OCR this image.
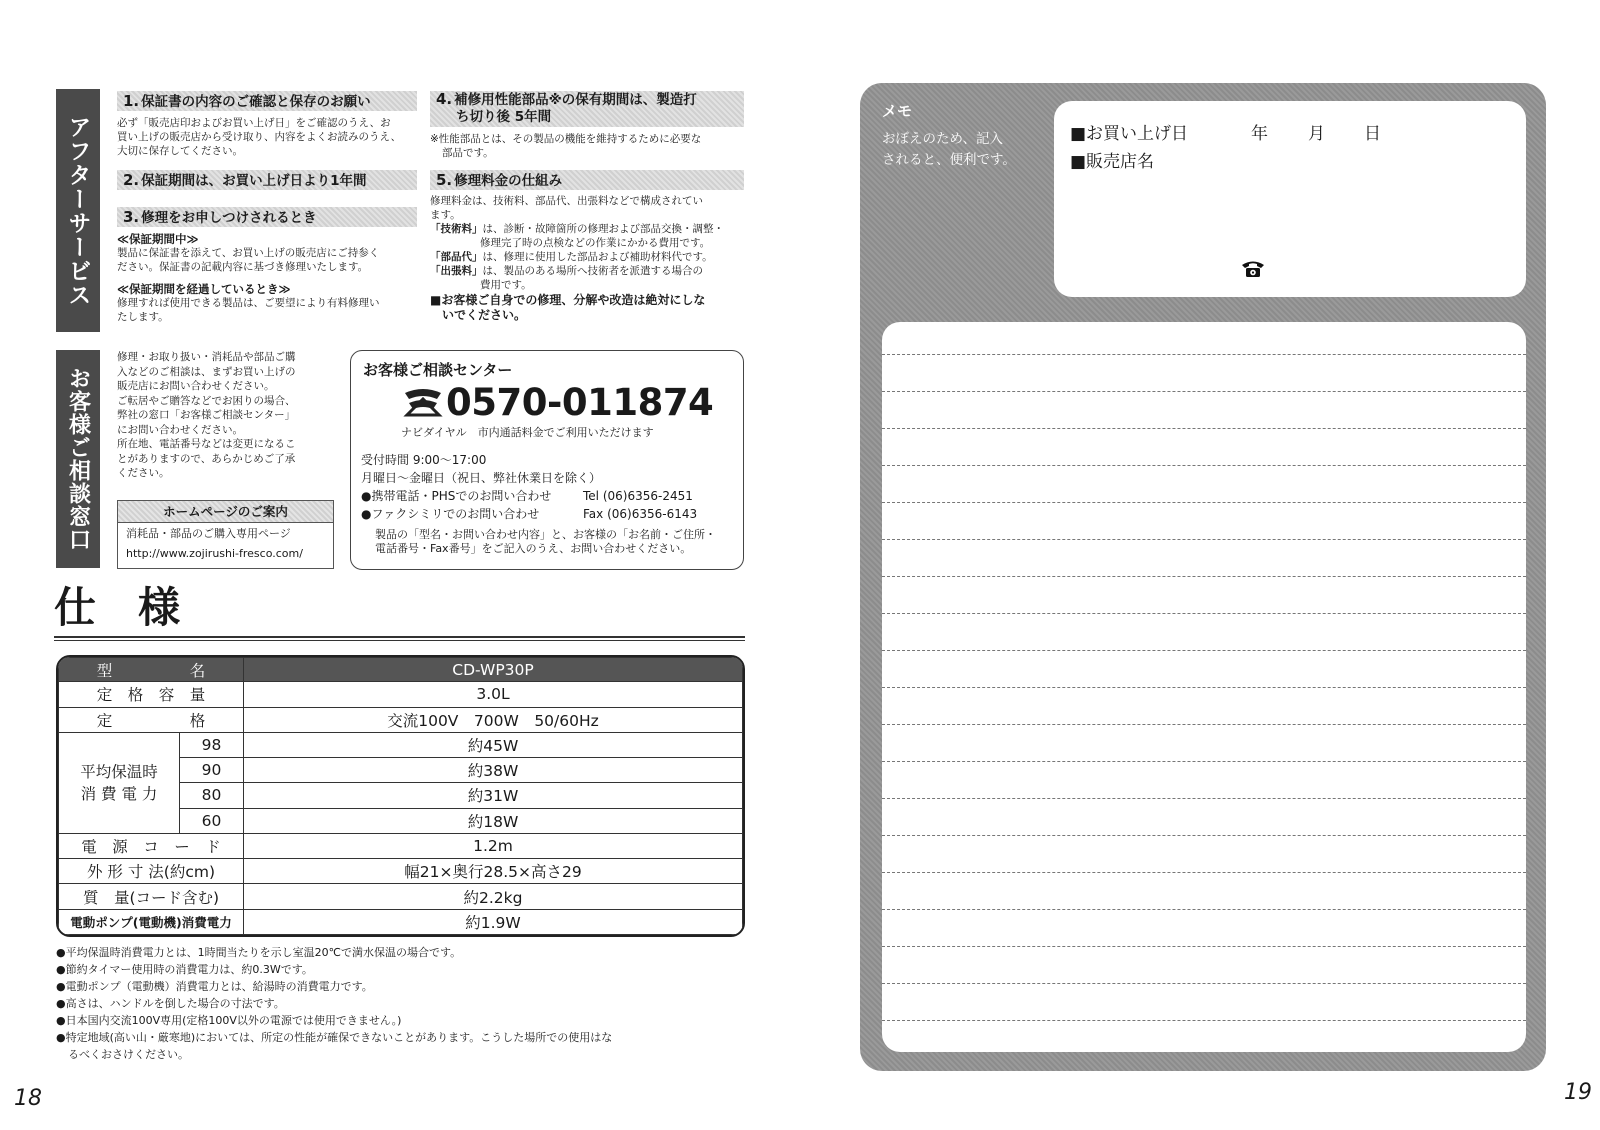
アフターサービス
1. 保証書の内容のご確認と保存のお願い
必ず「販売店印およびお買い上げ日」をご確認のうえ、お
買い上げの販売店から受け取り、内容をよくお読みのうえ、
大切に保存してください。
2. 保証期間は、お買い上げ日より1年間
3. 修理をお申しつけされるとき
≪保証期間中≫
製品に保証書を添えて、お買い上げの販売店にご持参く
ださい。保証書の記載内容に基づき修理いたします。
≪保証期間を経過しているとき≫
修理すれば使用できる製品は、ご要望により有料修理い
たします。
4. 補修用性能部品※の保有期間は、製造打
ち切り後 5年間
※性能部品とは、その製品の機能を維持するために必要な
部品です。
5. 修理料金の仕組み
修理料金は、技術料、部品代、出張料などで構成されてい
ます。
「技術料」は、診断・故障箇所の修理および部品交換・調整・
修理完了時の点検などの作業にかかる費用です。
「部品代」は、修理に使用した部品および補助材料代です。
「出張料」は、製品のある場所へ技術者を派遣する場合の
費用です。
■お客様ご自身での修理、分解や改造は絶対にしな
いでください。
お客様ご相談窓口
修理・お取り扱い・消耗品や部品ご購
入などのご相談は、まずお買い上げの
販売店にお問い合わせください。
ご転居やご贈答などでお困りの場合、
弊社の窓口「お客様ご相談センター」
にお問い合わせください。
所在地、電話番号などは変更になるこ
とがありますので、あらかじめご了承
ください。
ホームページのご案内
消耗品・部品のご購入専用ページ
http://www.zojirushi-fresco.com/
お客様ご相談センター
0570-011874
ナビダイヤル　市内通話料金でご利用いただけます
受付時間 9:00～17:00
月曜日～金曜日（祝日、弊社休業日を除く）
●携帯電話・PHSでのお問い合わせ	Tel (06)6356-2451
●ファクシミリでのお問い合わせ	Fax (06)6356-6143
製品の「型名・お問い合わせ内容」と、お客様の「お名前・ご住所・
電話番号・Fax番号」をご記入のうえ、お問い合わせください。
仕　様
型　　　　　名		CD-WP30P
定　格　容　量		3.0L
定　　　　　格		交流100V　700W　50/60Hz

平均保温時
消 費 電 力	98	約45W
	90	約38W
	80	約31W
	60	約18W
電　源　コ　ー　ド		1.2m
外 形 寸 法(約cm)		幅21×奥行28.5×高さ29
質　量(コード含む)		約2.2kg
電動ポンプ(電動機)消費電力		約1.9W
●平均保温時消費電力とは、1時間当たりを示し室温20℃で満水保温の場合です。
●節約タイマー使用時の消費電力は、約0.3Wです。
●電動ポンプ（電動機）消費電力とは、給湯時の消費電力です。
●高さは、ハンドルを倒した場合の寸法です。
●日本国内交流100V専用(定格100V以外の電源では使用できません。)
●特定地域(高い山・厳寒地)においては、所定の性能が確保できないことがあります。こうした場所での使用はな
るべくおさけください。
18
メモ
おぼえのため、記入
されると、便利です。
■お買い上げ日	年 月 日
■販売店名
19
